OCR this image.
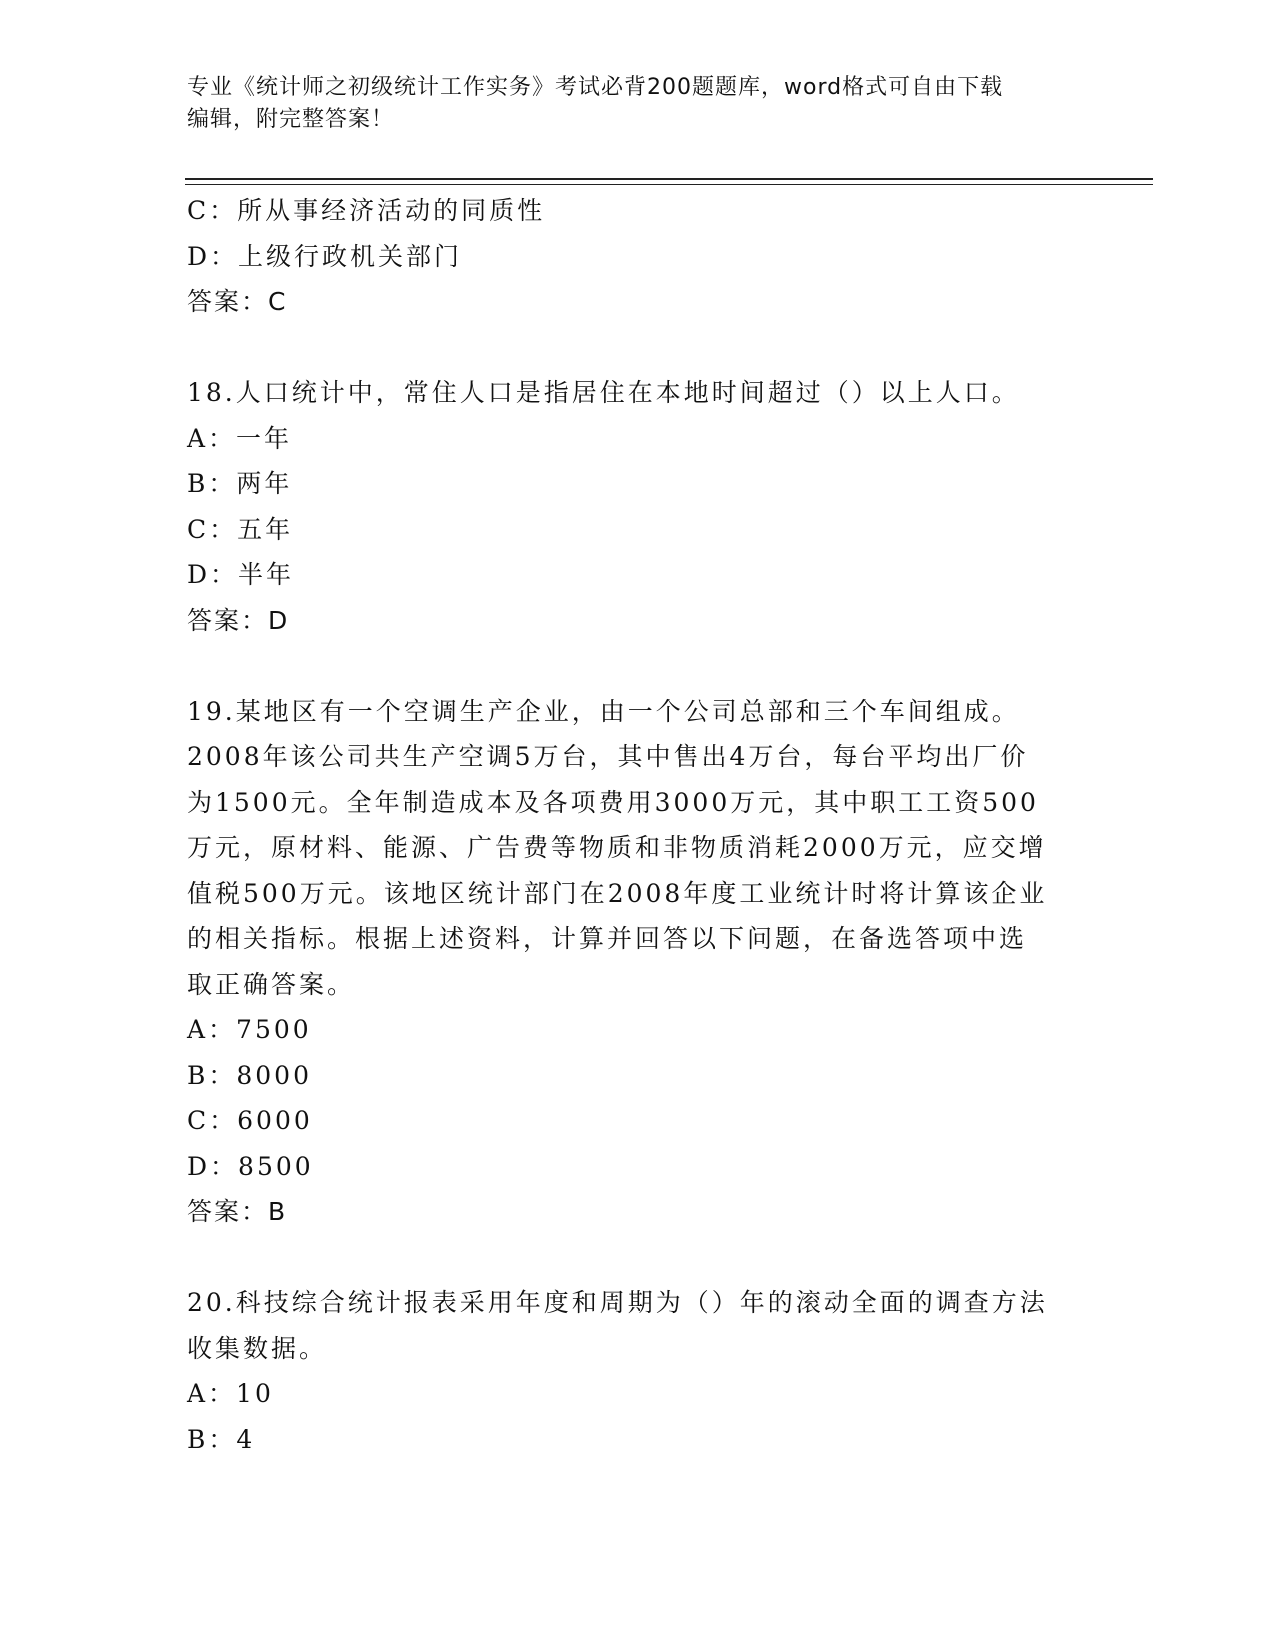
专业《统计师之初级统计工作实务》考试必背200题题库，word格式可自由下载
编辑，附完整答案！
C：所从事经济活动的同质性
D：上级行政机关部门
答案：C
18.人口统计中，常住人口是指居住在本地时间超过（）以上人口。
A：一年
B：两年
C：五年
D：半年
答案：D
19.某地区有一个空调生产企业，由一个公司总部和三个车间组成。
2008年该公司共生产空调5万台，其中售出4万台，每台平均出厂价
为1500元。全年制造成本及各项费用3000万元，其中职工工资500
万元，原材料、能源、广告费等物质和非物质消耗2000万元，应交增
值税500万元。该地区统计部门在2008年度工业统计时将计算该企业
的相关指标。根据上述资料，计算并回答以下问题，在备选答项中选
取正确答案。
A：7500
B：8000
C：6000
D：8500
答案：B
20.科技综合统计报表采用年度和周期为（）年的滚动全面的调查方法
收集数据。
A：10
B：4
